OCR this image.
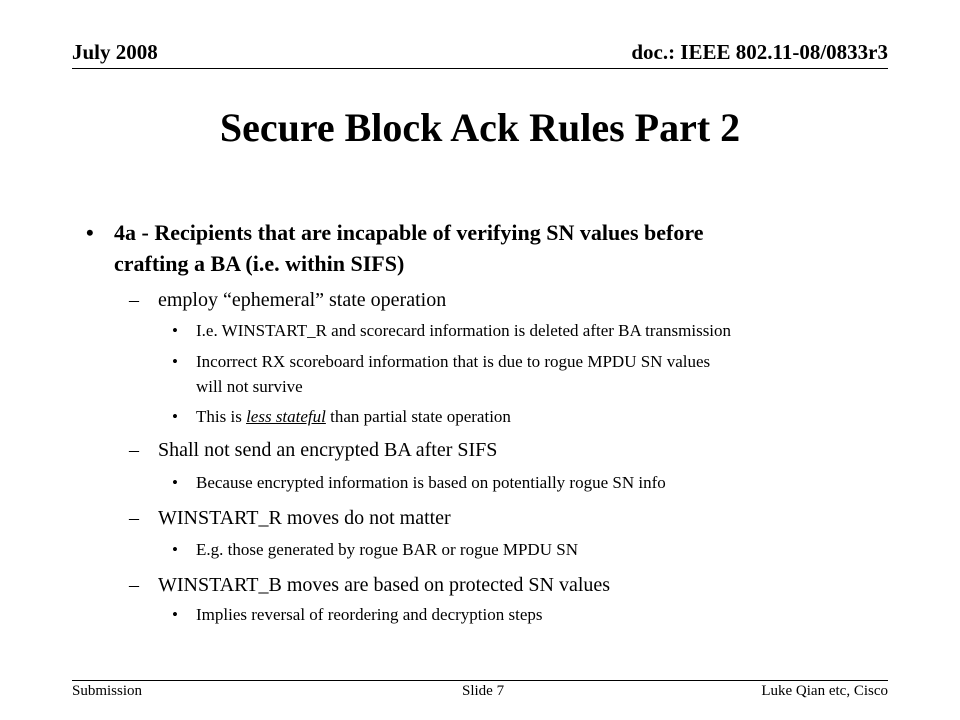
July 2008	doc.: IEEE 802.11-08/0833r3
Secure Block Ack Rules Part 2
• 4a - Recipients that are incapable of verifying SN values before
crafting a BA (i.e. within SIFS)
– employ “ephemeral” state operation
• I.e. WINSTART_R and scorecard information is deleted after BA transmission
• Incorrect RX scoreboard information that is due to rogue MPDU SN values
will not survive
• This is less stateful than partial state operation
– Shall not send an encrypted BA after SIFS
• Because encrypted information is based on potentially rogue SN info
– WINSTART_R moves do not matter
• E.g. those generated by rogue BAR or rogue MPDU SN
– WINSTART_B moves are based on protected SN values
• Implies reversal of reordering and decryption steps
Submission	Slide 7	Luke Qian etc, Cisco
